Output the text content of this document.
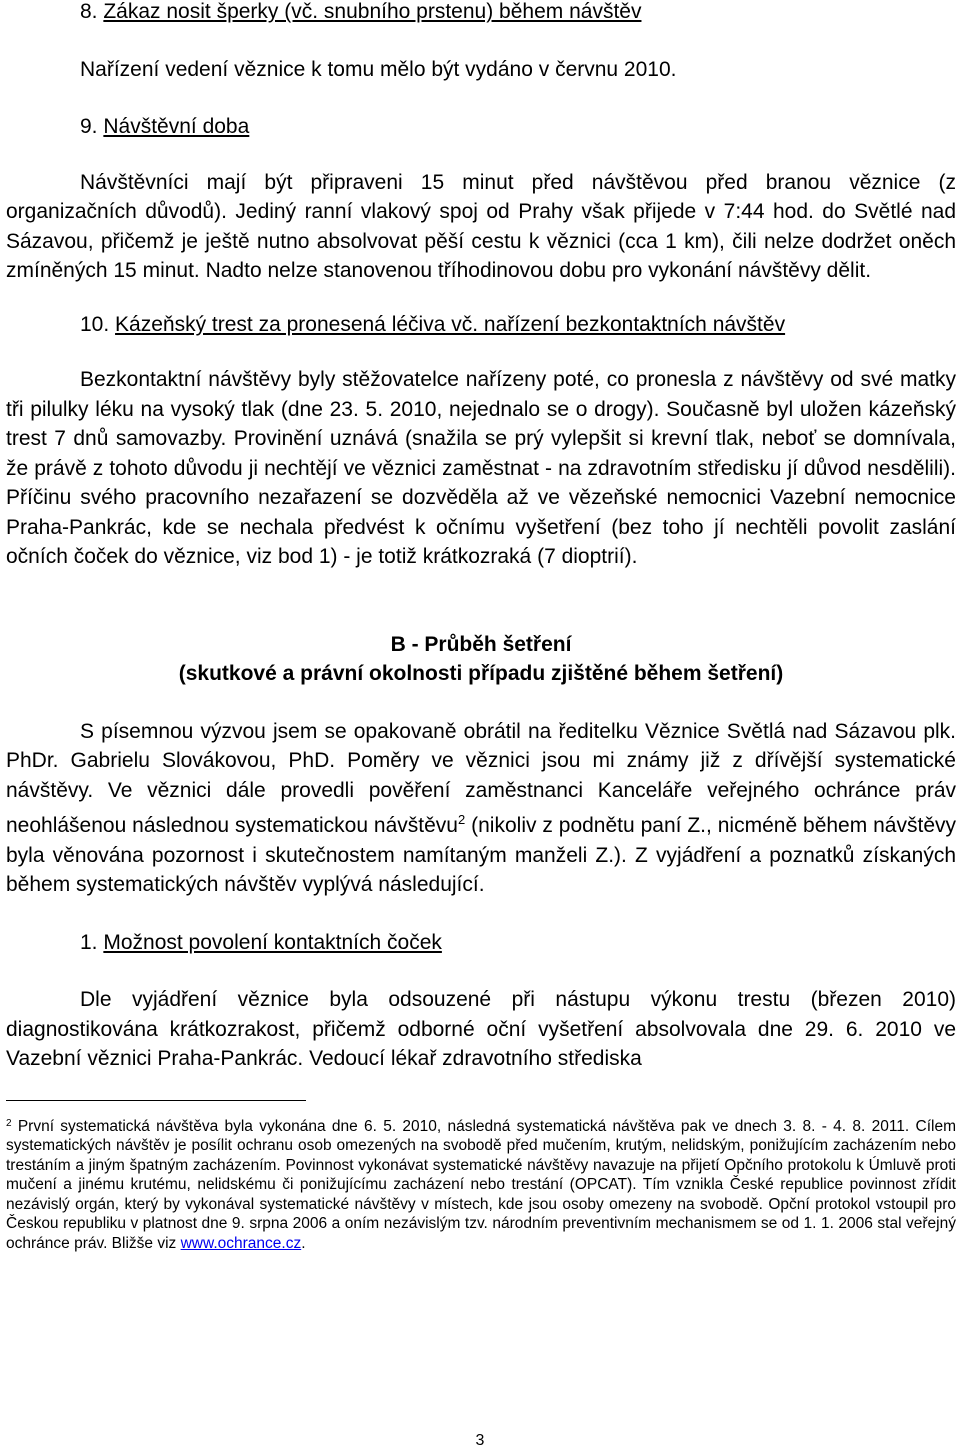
8. Zákaz nosit šperky (vč. snubního prstenu) během návštěv

Nařízení vedení věznice k tomu mělo být vydáno v červnu 2010.

9. Návštěvní doba

Návštěvníci mají být připraveni 15 minut před návštěvou před branou věznice (z organizačních důvodů). Jediný ranní vlakový spoj od Prahy však přijede v 7:44 hod. do Světlé nad Sázavou, přičemž je ještě nutno absolvovat pěší cestu k věznici (cca 1 km), čili nelze dodržet oněch zmíněných 15 minut. Nadto nelze stanovenou tříhodinovou dobu pro vykonání návštěvy dělit.

10. Kázeňský trest za pronesená léčiva vč. nařízení bezkontaktních návštěv

Bezkontaktní návštěvy byly stěžovatelce nařízeny poté, co pronesla z návštěvy od své matky tři pilulky léku na vysoký tlak (dne 23. 5. 2010, nejednalo se o drogy). Současně byl uložen kázeňský trest 7 dnů samovazby. Provinění uznává (snažila se prý vylepšit si krevní tlak, neboť se domnívala, že právě z tohoto důvodu ji nechtějí ve věznici zaměstnat - na zdravotním středisku jí důvod nesdělili). Příčinu svého pracovního nezařazení se dozvěděla až ve vězeňské nemocnici Vazební nemocnice Praha-Pankrác, kde se nechala předvést k očnímu vyšetření (bez toho jí nechtěli povolit zaslání očních čoček do věznice, viz bod 1) - je totiž krátkozraká (7 dioptrií).

B - Průběh šetření

(skutkové a právní okolnosti případu zjištěné během šetření)

S písemnou výzvou jsem se opakovaně obrátil na ředitelku Věznice Světlá nad Sázavou plk. PhDr. Gabrielu Slovákovou, PhD. Poměry ve věznici jsou mi známy již z dřívější systematické návštěvy. Ve věznici dále provedli pověření zaměstnanci Kanceláře veřejného ochránce práv neohlášenou následnou systematickou návštěvu$^2$ (nikoliv z podnětu paní Z., nicméně během návštěvy byla věnována pozornost i skutečnostem namítaným manželi Z.). Z vyjádření a poznatků získaných během systematických návštěv vyplývá následující.

1. Možnost povolení kontaktních čoček

Dle vyjádření věznice byla odsouzené při nástupu výkonu trestu (březen 2010) diagnostikována krátkozrakost, přičemž odborné oční vyšetření absolvovala dne 29. 6. 2010 ve Vazební věznici Praha-Pankrác. Vedoucí lékař zdravotního střediska

$^2$ První systematická návštěva byla vykonána dne 6. 5. 2010, následná systematická návštěva pak ve dnech 3. 8. - 4. 8. 2011. Cílem systematických návštěv je posílit ochranu osob omezených na svobodě před mučením, krutým, nelidským, ponižujícím zacházením nebo trestáním a jiným špatným zacházením. Povinnost vykonávat systematické návštěvy navazuje na přijetí Opčního protokolu k Úmluvě proti mučení a jinému krutému, nelidskému či ponižujícímu zacházení nebo trestání (OPCAT). Tím vznikla České republice povinnost zřídit nezávislý orgán, který by vykonával systematické návštěvy v místech, kde jsou osoby omezeny na svobodě. Opční protokol vstoupil pro Českou republiku v platnost dne 9. srpna 2006 a oním nezávislým tzv. národním preventivním mechanismem se od 1. 1. 2006 stal veřejný ochránce práv. Bližše viz www.ochrance.cz.

3
